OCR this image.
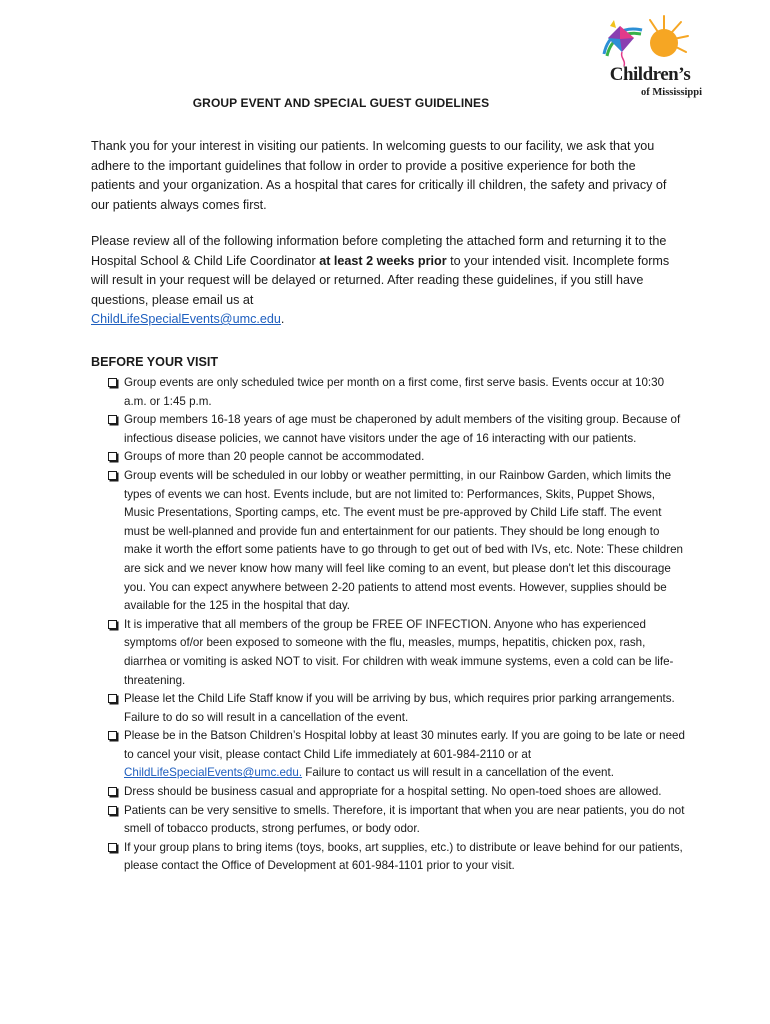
Children’s
of Mississippi
GROUP EVENT AND SPECIAL GUEST GUIDELINES
Thank you for your interest in visiting our patients. In welcoming guests to our facility, we ask that you adhere to the important guidelines that follow in order to provide a positive experience for both the patients and your organization. As a hospital that cares for critically ill children, the safety and privacy of our patients always comes first.
Please review all of the following information before completing the attached form and returning it to the Hospital School & Child Life Coordinator at least 2 weeks prior to your intended visit. Incomplete forms will result in your request will be delayed or returned. After reading these guidelines, if you still have questions, please email us at
ChildLifeSpecialEvents@umc.edu.
BEFORE YOUR VISIT
Group events are only scheduled twice per month on a first come, first serve basis. Events occur at 10:30 a.m. or 1:45 p.m.
Group members 16-18 years of age must be chaperoned by adult members of the visiting group. Because of infectious disease policies, we cannot have visitors under the age of 16 interacting with our patients.
Groups of more than 20 people cannot be accommodated.
Group events will be scheduled in our lobby or weather permitting, in our Rainbow Garden, which limits the types of events we can host. Events include, but are not limited to: Performances, Skits, Puppet Shows, Music Presentations, Sporting camps, etc. The event must be pre-approved by Child Life staff. The event must be well-planned and provide fun and entertainment for our patients. They should be long enough to make it worth the effort some patients have to go through to get out of bed with IVs, etc. Note: These children are sick and we never know how many will feel like coming to an event, but please don't let this discourage you. You can expect anywhere between 2-20 patients to attend most events. However, supplies should be available for the 125 in the hospital that day.
It is imperative that all members of the group be FREE OF INFECTION. Anyone who has experienced symptoms of/or been exposed to someone with the flu, measles, mumps, hepatitis, chicken pox, rash, diarrhea or vomiting is asked NOT to visit. For children with weak immune systems, even a cold can be life-threatening.
Please let the Child Life Staff know if you will be arriving by bus, which requires prior parking arrangements. Failure to do so will result in a cancellation of the event.
Please be in the Batson Children’s Hospital lobby at least 30 minutes early. If you are going to be late or need to cancel your visit, please contact Child Life immediately at 601-984-2110 or at ChildLifeSpecialEvents@umc.edu. Failure to contact us will result in a cancellation of the event.
Dress should be business casual and appropriate for a hospital setting. No open-toed shoes are allowed.
Patients can be very sensitive to smells. Therefore, it is important that when you are near patients, you do not smell of tobacco products, strong perfumes, or body odor.
If your group plans to bring items (toys, books, art supplies, etc.) to distribute or leave behind for our patients, please contact the Office of Development at 601-984-1101 prior to your visit.
